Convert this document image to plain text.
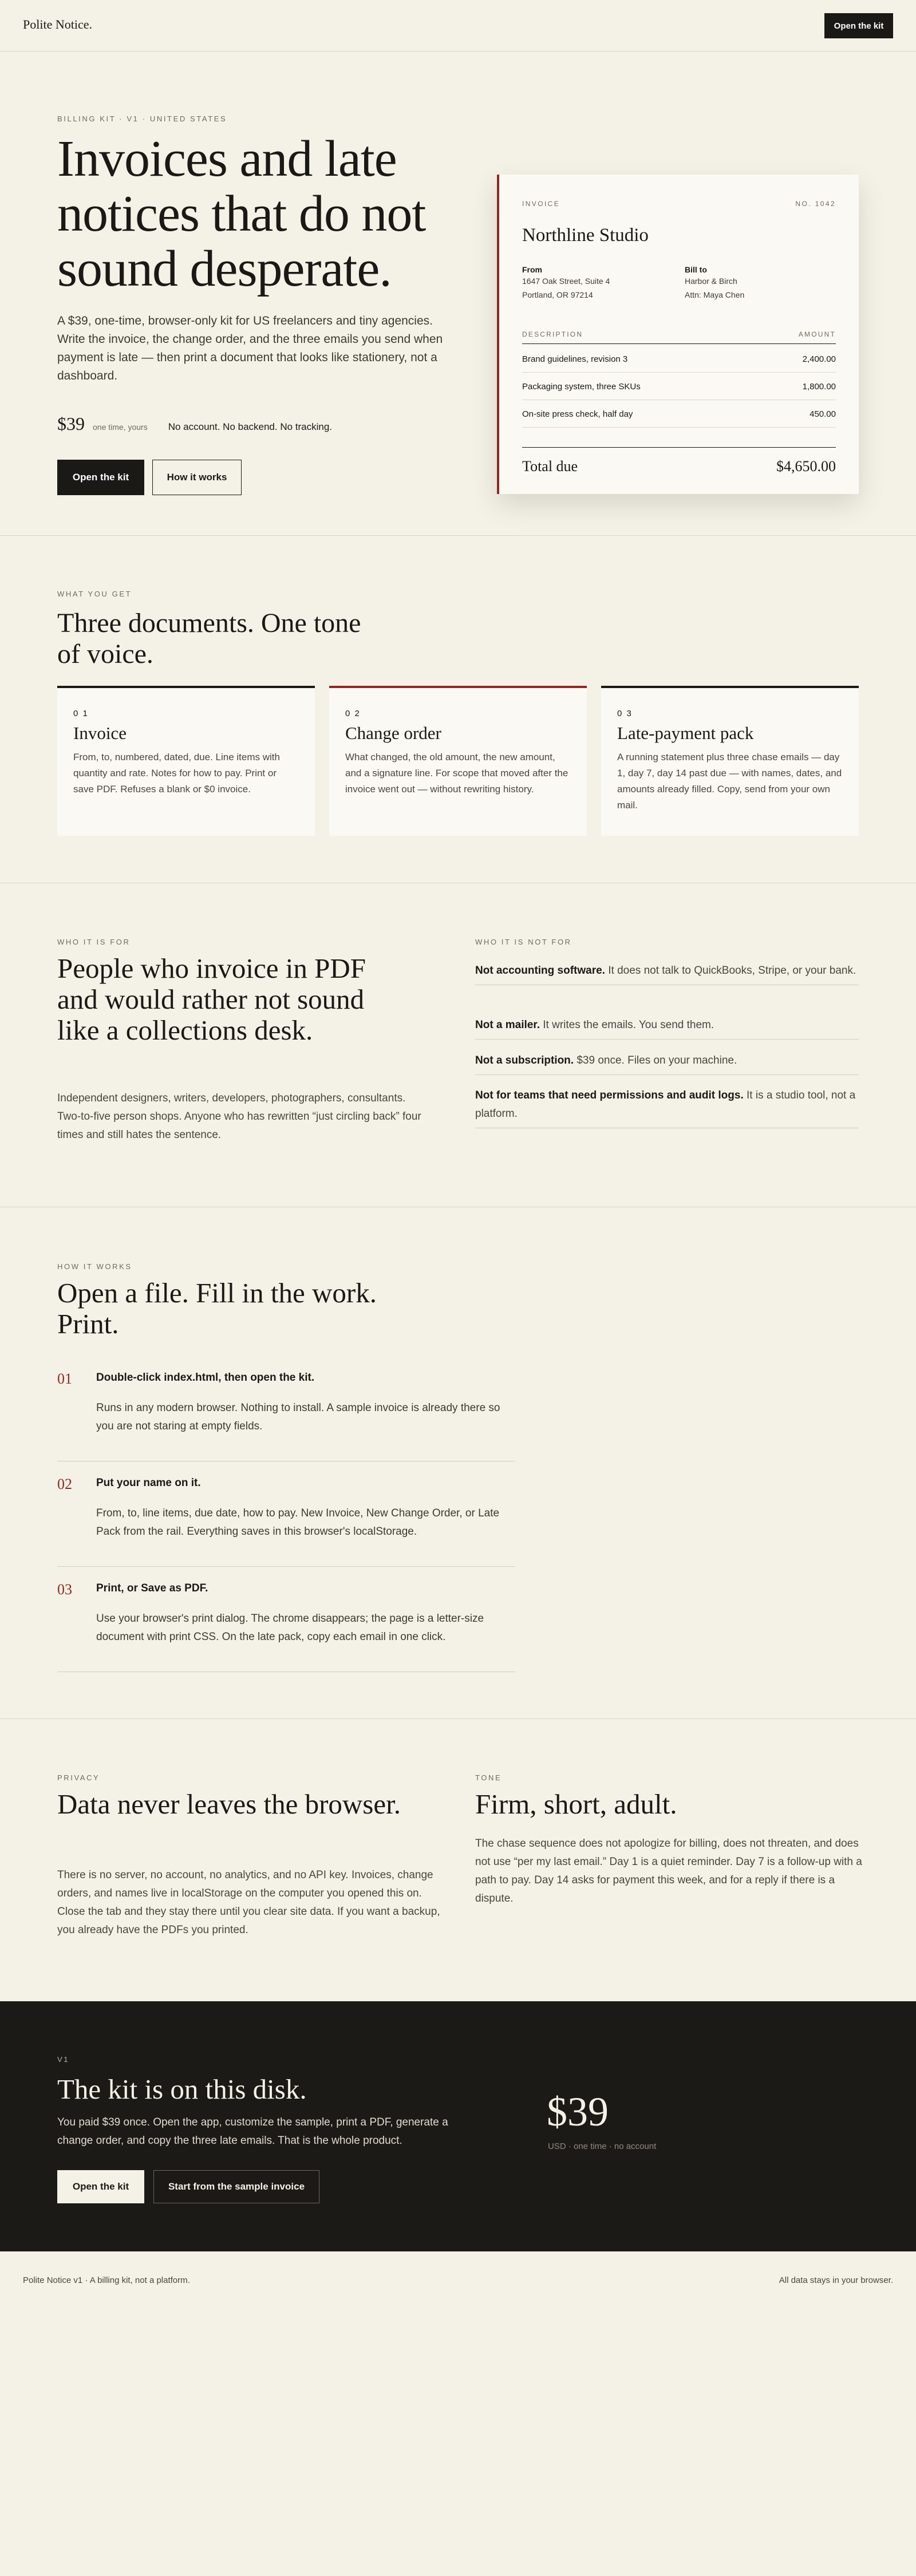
Polite Notice.	Open the kit
BILLING KIT · V1 · UNITED STATES
Invoices and late notices that do not sound desperate.

A $39, one-time, browser-only kit for US freelancers and tiny agencies. Write the invoice, the change order, and the three emails you send when payment is late — then print a document that looks like stationery, not a dashboard.

$39 one time, yours No account. No backend. No tracking.
Open the kit	How it works
INVOICE	NO. 1042
Northline Studio
From
1647 Oak Street, Suite 4
Portland, OR 97214
Bill to
Harbor & Birch
Attn: Maya Chen
DESCRIPTION	AMOUNT
Brand guidelines, revision 3	2,400.00
Packaging system, three SKUs	1,800.00
On-site press check, half day	450.00
Total due	$4,650.00
WHAT YOU GET
Three documents. One tone of voice.
0 1
Invoice
From, to, numbered, dated, due. Line items with quantity and rate. Notes for how to pay. Print or save PDF. Refuses a blank or $0 invoice.
0 2
Change order
What changed, the old amount, the new amount, and a signature line. For scope that moved after the invoice went out — without rewriting history.
0 3
Late-payment pack
A running statement plus three chase emails — day 1, day 7, day 14 past due — with names, dates, and amounts already filled. Copy, send from your own mail.
WHO IT IS FOR
People who invoice in PDF and would rather not sound like a collections desk.

Independent designers, writers, developers, photographers, consultants. Two-to-five person shops. Anyone who has rewritten “just circling back” four times and still hates the sentence.

WHO IT IS NOT FOR
Not accounting software. It does not talk to QuickBooks, Stripe, or your bank.
Not a mailer. It writes the emails. You send them.
Not a subscription. $39 once. Files on your machine.
Not for teams that need permissions and audit logs. It is a studio tool, not a platform.
HOW IT WORKS
Open a file. Fill in the work. Print.
01 Double-click index.html, then open the kit.
Runs in any modern browser. Nothing to install. A sample invoice is already there so you are not staring at empty fields.
02 Put your name on it.
From, to, line items, due date, how to pay. New Invoice, New Change Order, or Late Pack from the rail. Everything saves in this browser's localStorage.
03 Print, or Save as PDF.
Use your browser's print dialog. The chrome disappears; the page is a letter-size document with print CSS. On the late pack, copy each email in one click.
PRIVACY
Data never leaves the browser.

There is no server, no account, no analytics, and no API key. Invoices, change orders, and names live in localStorage on the computer you opened this on. Close the tab and they stay there until you clear site data. If you want a backup, you already have the PDFs you printed.

TONE
Firm, short, adult.

The chase sequence does not apologize for billing, does not threaten, and does not use “per my last email.” Day 1 is a quiet reminder. Day 7 is a follow-up with a path to pay. Day 14 asks for payment this week, and for a reply if there is a dispute.

V1
The kit is on this disk.

You paid $39 once. Open the app, customize the sample, print a PDF, generate a change order, and copy the three late emails. That is the whole product.

Open the kit	Start from the sample invoice
$39
USD · one time · no account
Polite Notice v1 · A billing kit, not a platform.	All data stays in your browser.
